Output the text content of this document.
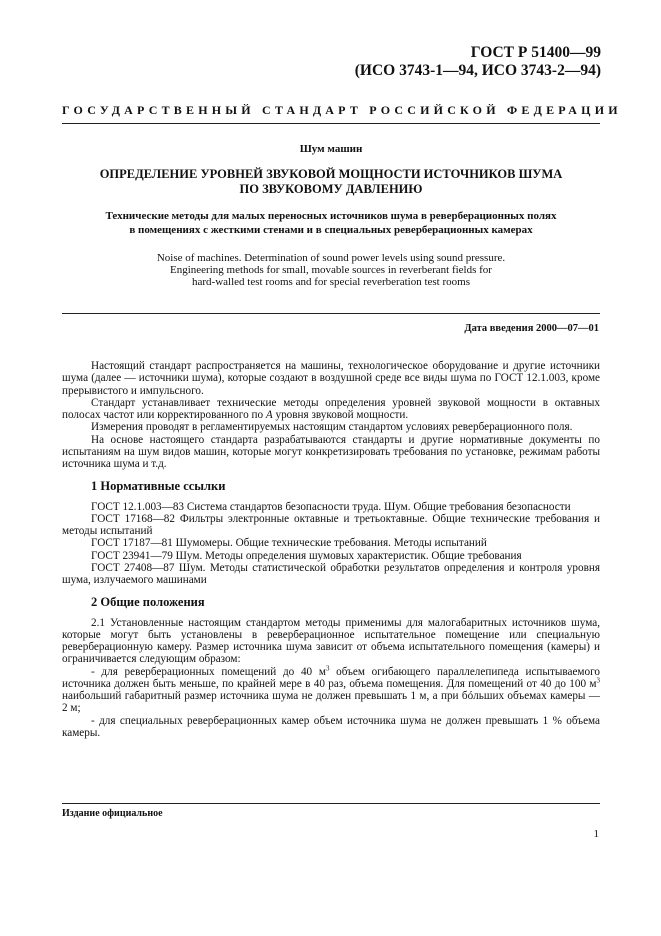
ГОСТ Р 51400—99
(ИСО 3743-1—94, ИСО 3743-2—94)
ГОСУДАРСТВЕННЫЙ СТАНДАРТ РОССИЙСКОЙ ФЕДЕРАЦИИ
Шум машин
ОПРЕДЕЛЕНИЕ УРОВНЕЙ ЗВУКОВОЙ МОЩНОСТИ ИСТОЧНИКОВ ШУМА
ПО ЗВУКОВОМУ ДАВЛЕНИЮ
Технические методы для малых переносных источников шума в реверберационных полях
в помещениях с жесткими стенами и в специальных реверберационных камерах
Noise of machines. Determination of sound power levels using sound pressure.
Engineering methods for small, movable sources in reverberant fields for
hard-walled test rooms and for special reverberation test rooms
Дата введения 2000—07—01

Настоящий стандарт распространяется на машины, технологическое оборудование и другие источники шума (далее — источники шума), которые создают в воздушной среде все виды шума по ГОСТ 12.1.003, кроме прерывистого и импульсного.

Стандарт устанавливает технические методы определения уровней звуковой мощности в октавных полосах частот или корректированного по А уровня звуковой мощности.

Измерения проводят в регламентируемых настоящим стандартом условиях реверберационного поля.

На основе настоящего стандарта разрабатываются стандарты и другие нормативные документы по испытаниям на шум видов машин, которые могут конкретизировать требования по установке, режимам работы источника шума и т.д.

1 Нормативные ссылки

ГОСТ 12.1.003—83 Система стандартов безопасности труда. Шум. Общие требования безопасности

ГОСТ 17168—82 Фильтры электронные октавные и третьоктавные. Общие технические требования и методы испытаний

ГОСТ 17187—81 Шумомеры. Общие технические требования. Методы испытаний

ГОСТ 23941—79 Шум. Методы определения шумовых характеристик. Общие требования

ГОСТ 27408—87 Шум. Методы статистической обработки результатов определения и контроля уровня шума, излучаемого машинами

2 Общие положения

2.1 Установленные настоящим стандартом методы применимы для малогабаритных источников шума, которые могут быть установлены в реверберационное испытательное помещение или специальную реверберационную камеру. Размер источника шума зависит от объема испытательного помещения (камеры) и ограничивается следующим образом:

- для реверберационных помещений до 40 $м^3$ объем огибающего параллелепипеда испытываемого источника должен быть меньше, по крайней мере в 40 раз, объема помещения. Для помещений от 40 до 100 $м^3$ наибольший габаритный размер источника шума не должен превышать 1 м, а при бóльших объемах камеры — 2 м;

- для специальных реверберационных камер объем источника шума не должен превышать 1 % объема камеры.

Издание официальное
1
